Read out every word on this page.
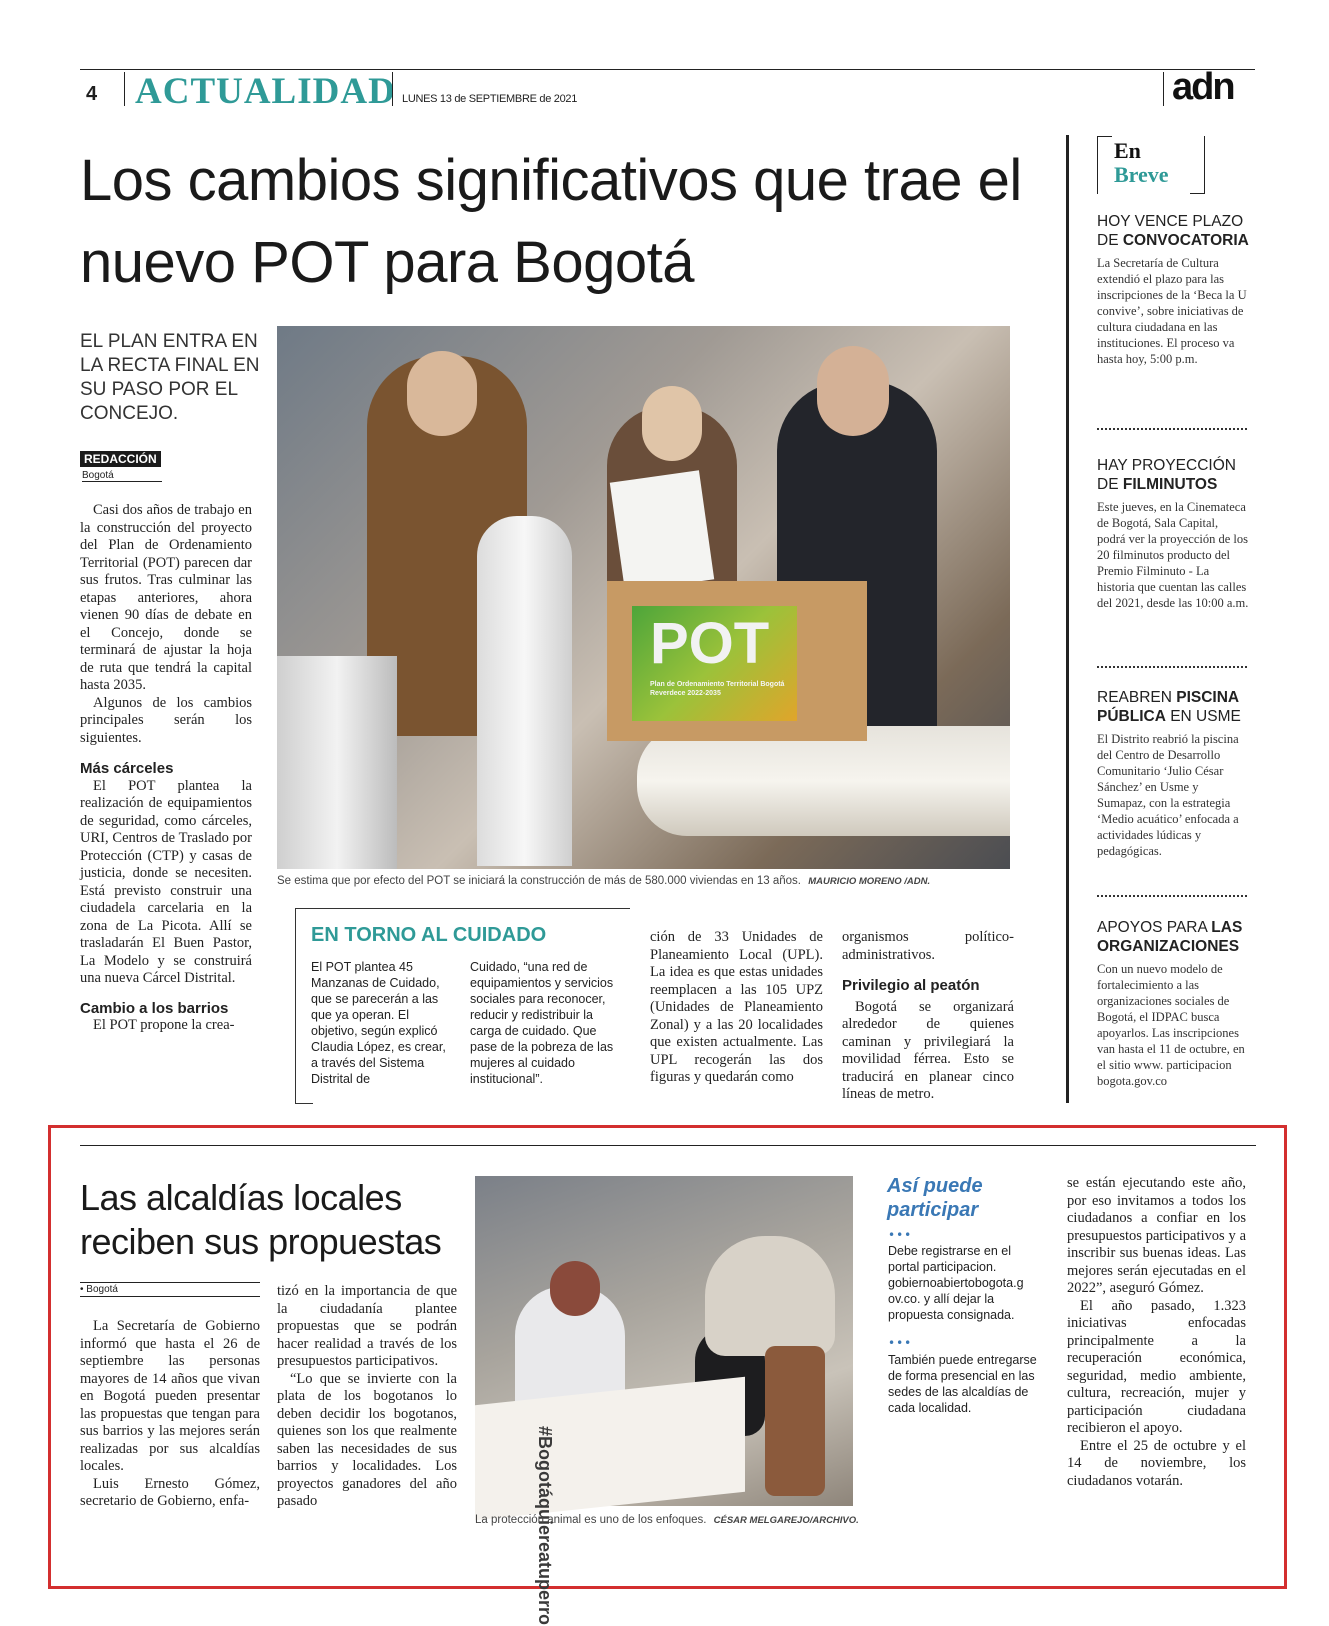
4 ACTUALIDAD LUNES 13 de SEPTIEMBRE de 2021	adn
Los cambios significativos que trae el nuevo POT para Bogotá
EL PLAN ENTRA EN LA RECTA FINAL EN SU PASO POR EL CONCEJO.
REDACCIÓN
Bogotá

Casi dos años de trabajo en la construcción del proyecto del Plan de Ordenamiento Territorial (POT) parecen dar sus frutos. Tras culminar las etapas anteriores, ahora vienen 90 días de debate en el Concejo, donde se terminará de ajustar la hoja de ruta que tendrá la capital hasta 2035.

Algunos de los cambios principales serán los siguientes.

Más cárceles

El POT plantea la realización de equipamientos de seguridad, como cárceles, URI, Centros de Traslado por Protección (CTP) y casas de justicia, donde se necesiten. Está previsto construir una ciudadela carcelaria en la zona de La Picota. Allí se trasladarán El Buen Pastor, La Modelo y se construirá una nueva Cárcel Distrital.

Cambio a los barrios

El POT propone la crea-

POT
Plan de Ordenamiento Territorial Bogotá Reverdece 2022-2035
Se estima que por efecto del POT se iniciará la construcción de más de 580.000 viviendas en 13 años. MAURICIO MORENO /ADN.
EN TORNO AL CUIDADO
El POT plantea 45 Manzanas de Cuidado, que se parecerán a las que ya operan. El objetivo, según explicó Claudia López, es crear, a través del Sistema Distrital de
Cuidado, “una red de equipamientos y servicios sociales para reconocer, reducir y redistribuir la carga de cuidado. Que pase de la pobreza de las mujeres al cuidado institucional”.
ción de 33 Unidades de Planeamiento Local (UPL). La idea es que estas unidades reemplacen a las 105 UPZ (Unidades de Planeamiento Zonal) y a las 20 localidades que existen actualmente. Las UPL recogerán las dos figuras y quedarán como
organismos político-administrativos.
Privilegio al peatón

Bogotá se organizará alrededor de quienes caminan y privilegiará la movilidad férrea. Esto se traducirá en planear cinco líneas de metro.

En
Breve
HOY VENCE PLAZO DE CONVOCATORIA
La Secretaría de Cultura extendió el plazo para las inscripciones de la ‘Beca la U convive’, sobre iniciativas de cultura ciudadana en las instituciones. El proceso va hasta hoy, 5:00 p.m.
HAY PROYECCIÓN DE FILMINUTOS
Este jueves, en la Cinemateca de Bogotá, Sala Capital, podrá ver la proyección de los 20 filminutos producto del Premio Filminuto - La historia que cuentan las calles del 2021, desde las 10:00 a.m.
REABREN PISCINA PÚBLICA EN USME
El Distrito reabrió la piscina del Centro de Desarrollo Comunitario ‘Julio César Sánchez’ en Usme y Sumapaz, con la estrategia ‘Medio acuático’ enfocada a actividades lúdicas y pedagógicas.
APOYOS PARA LAS ORGANIZACIONES
Con un nuevo modelo de fortalecimiento a las organizaciones sociales de Bogotá, el IDPAC busca apoyarlos. Las inscripciones van hasta el 11 de octubre, en el sitio www. participacion bogota.gov.co
Las alcaldías locales reciben sus propuestas
• Bogotá

La Secretaría de Gobierno informó que hasta el 26 de septiembre las personas mayores de 14 años que vivan en Bogotá pueden presentar las propuestas que tengan para sus barrios y las mejores serán realizadas por sus alcaldías locales.

Luis Ernesto Gómez, secretario de Gobierno, enfa-

tizó en la importancia de que la ciudadanía plantee propuestas que se podrán hacer realidad a través de los presupuestos participativos.

“Lo que se invierte con la plata de los bogotanos lo deben decidir los bogotanos, quienes son los que realmente saben las necesidades de sus barrios y localidades. Los proyectos ganadores del año pasado	#Bogotáquiereatuperro
La protección animal es uno de los enfoques. CÉSAR MELGAREJO/ARCHIVO.
Así puede participar
•••
Debe registrarse en el portal participacion. gobiernoabiertobogota.g ov.co. y allí dejar la propuesta consignada.
•••
También puede entregarse de forma presencial en las sedes de las alcaldías de cada localidad.
se están ejecutando este año, por eso invitamos a todos los ciudadanos a confiar en los presupuestos participativos y a inscribir sus buenas ideas. Las mejores serán ejecutadas en el 2022”, aseguró Gómez.

El año pasado, 1.323 iniciativas enfocadas principalmente a la recuperación económica, seguridad, medio ambiente, cultura, recreación, mujer y participación ciudadana recibieron el apoyo.

Entre el 25 de octubre y el 14 de noviembre, los ciudadanos votarán.
